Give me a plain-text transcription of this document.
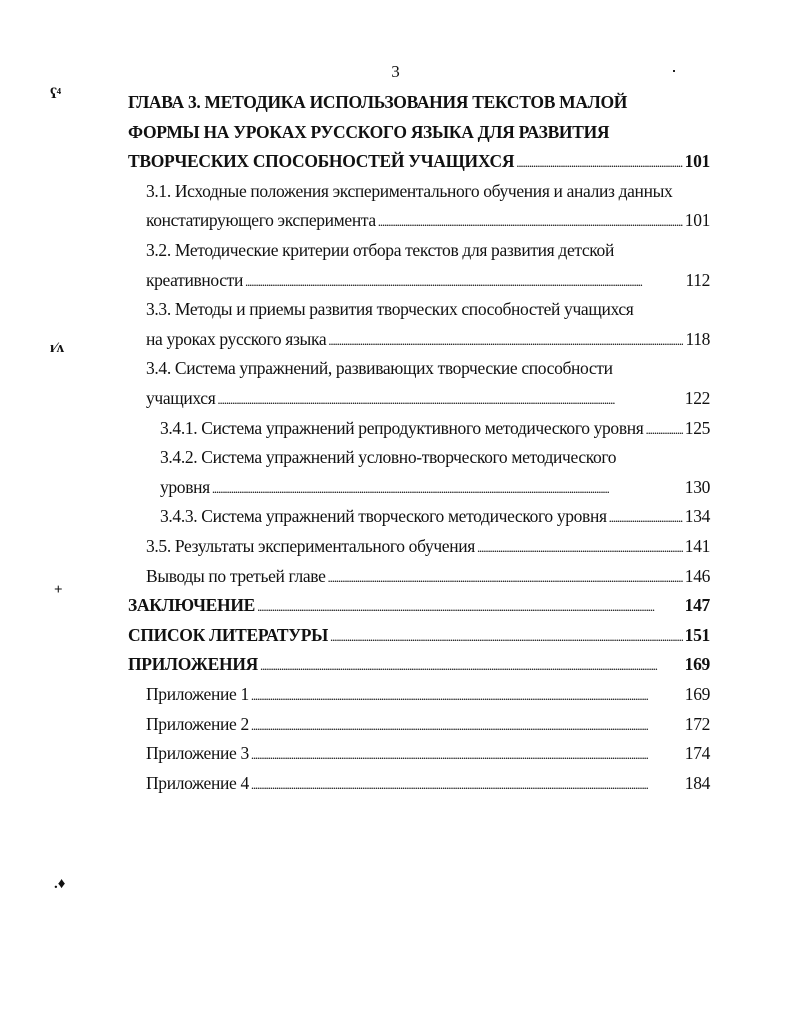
3
ʕ⁴
ı⁄ʌ
+
.♦
ГЛАВА 3. МЕТОДИКА ИСПОЛЬЗОВАНИЯ ТЕКСТОВ МАЛОЙ
ФОРМЫ НА УРОКАХ РУССКОГО ЯЗЫКА ДЛЯ РАЗВИТИЯ
ТВОРЧЕСКИХ СПОСОБНОСТЕЙ УЧАЩИХСЯ . . .	101
3.1. Исходные положения экспериментального обучения и анализ данных
констатирующего эксперимента . . .	101
3.2. Методические критерии отбора текстов для развития детской
креативности . . .	112
3.3. Методы и приемы развития творческих способностей учащихся
на уроках русского языка . . .	118
3.4. Система упражнений, развивающих творческие способности
учащихся . . .	122
3.4.1. Система упражнений репродуктивного методического уровня . . . 125
3.4.2. Система упражнений условно-творческого методического
уровня . . .	130
3.4.3. Система упражнений творческого методического уровня . . .	134
3.5. Результаты экспериментального обучения . . .	141
Выводы по третьей главе . . .	146
ЗАКЛЮЧЕНИЕ . . .	147
СПИСОК ЛИТЕРАТУРЫ . . .	151
ПРИЛОЖЕНИЯ . . .	169
Приложение 1 . . .	169
Приложение 2 . . .	172
Приложение 3 . . .	174
Приложение 4 . . .	184
